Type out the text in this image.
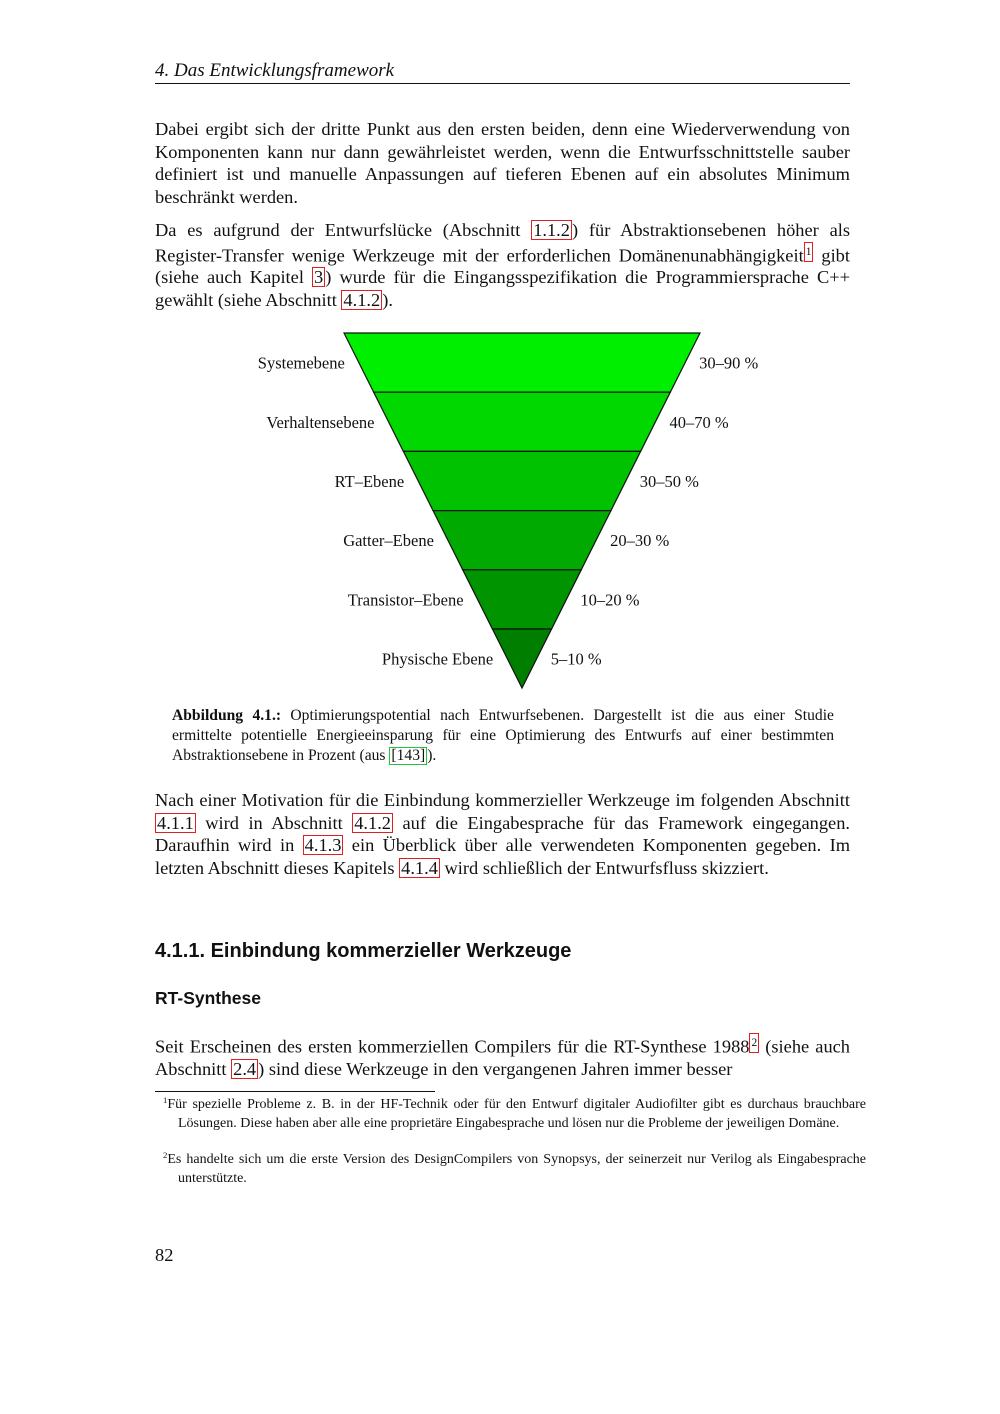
4. Das Entwicklungsframework
Dabei ergibt sich der dritte Punkt aus den ersten beiden, denn eine Wiederverwendung von Komponenten kann nur dann gewährleistet werden, wenn die Entwurfsschnittstelle sauber definiert ist und manuelle Anpassungen auf tieferen Ebenen auf ein absolutes Minimum beschränkt werden.
Da es aufgrund der Entwurfslücke (Abschnitt 1.1.2 ) für Abstraktionsebenen höher als Register-Transfer wenige Werkzeuge mit der erforderlichen Domänenunabhängigkeit $^1$ gibt (siehe auch Kapitel 3 ) wurde für die Eingangsspezifikation die Programmiersprache C++ gewählt (siehe Abschnitt 4.1.2 ).
Systemebene	30–90 %
Verhaltensebene	40–70 %
RT–Ebene	30–50 %
Gatter–Ebene	20–30 %
Transistor–Ebene	10–20 %
Physische Ebene	5–10 %
Abbildung 4.1.: Optimierungspotential nach Entwurfsebenen. Dargestellt ist die aus einer Studie ermittelte potentielle Energieeinsparung für eine Optimierung des Entwurfs auf einer bestimmten Abstraktionsebene in Prozent (aus [143] ).
Nach einer Motivation für die Einbindung kommerzieller Werkzeuge im folgenden Abschnitt 4.1.1 wird in Abschnitt 4.1.2 auf die Eingabesprache für das Framework eingegangen. Daraufhin wird in 4.1.3 ein Überblick über alle verwendeten Komponenten gegeben. Im letzten Abschnitt dieses Kapitels 4.1.4 wird schließlich der Entwurfsfluss skizziert.
4.1.1. Einbindung kommerzieller Werkzeuge
RT-Synthese
Seit Erscheinen des ersten kommerziellen Compilers für die RT-Synthese 1988 $^2$ (siehe auch Abschnitt 2.4 ) sind diese Werkzeuge in den vergangenen Jahren immer besser
$^1$Für spezielle Probleme z. B. in der HF-Technik oder für den Entwurf digitaler Audiofilter gibt es durchaus brauchbare Lösungen. Diese haben aber alle eine proprietäre Eingabesprache und lösen nur die Probleme der jeweiligen Domäne.
$^2$Es handelte sich um die erste Version des DesignCompilers von Synopsys, der seinerzeit nur Verilog als Eingabesprache unterstützte.
82
